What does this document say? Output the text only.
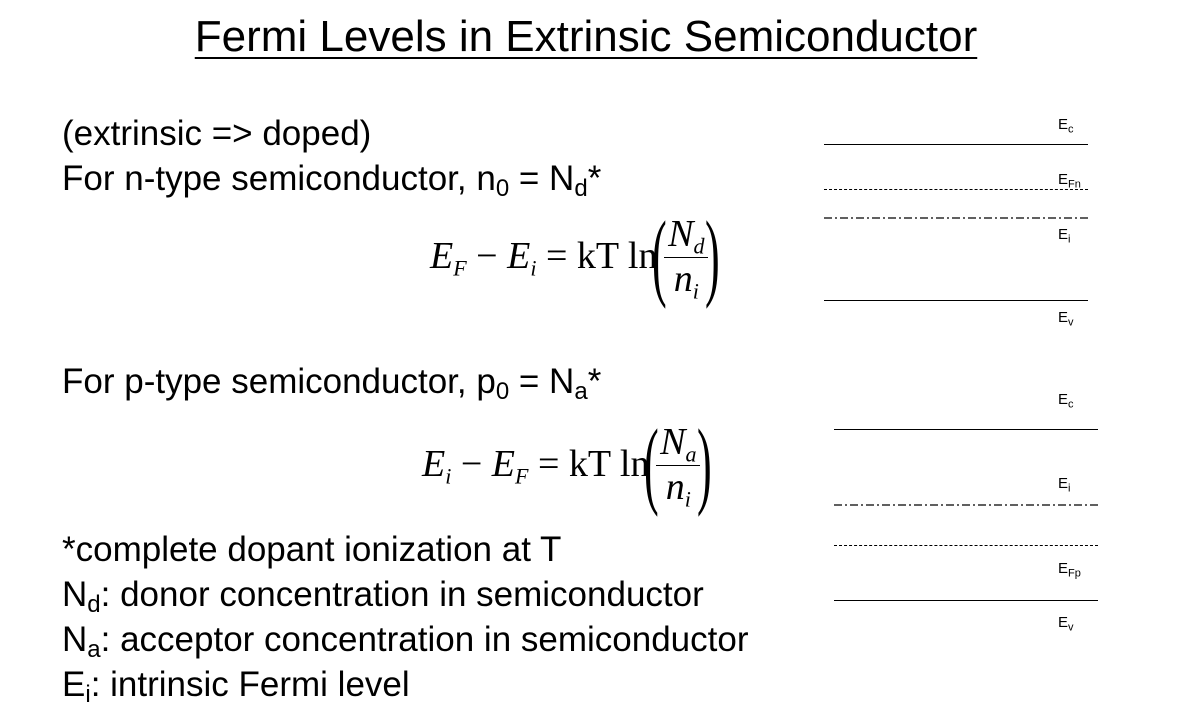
Fermi Levels in Extrinsic Semiconductor
(extrinsic => doped)
For n-type semiconductor, $n_0 = N_d*$
$E_F - E_i$ = kT ln
(
$\frac{N_d}{n_i}$
)
For p-type semiconductor, $p_0 = N_a*$
$E_i - E_F$ = kT ln
(
$\frac{N_a}{n_i}$
)
*complete dopant ionization at T
$N_d$: donor concentration in semiconductor
$N_a$: acceptor concentration in semiconductor
$E_i$: intrinsic Fermi level
$E_c$
$E_{Fn}$
$E_i$
$E_v$
$E_c$
$E_i$
$E_{Fp}$
$E_v$
